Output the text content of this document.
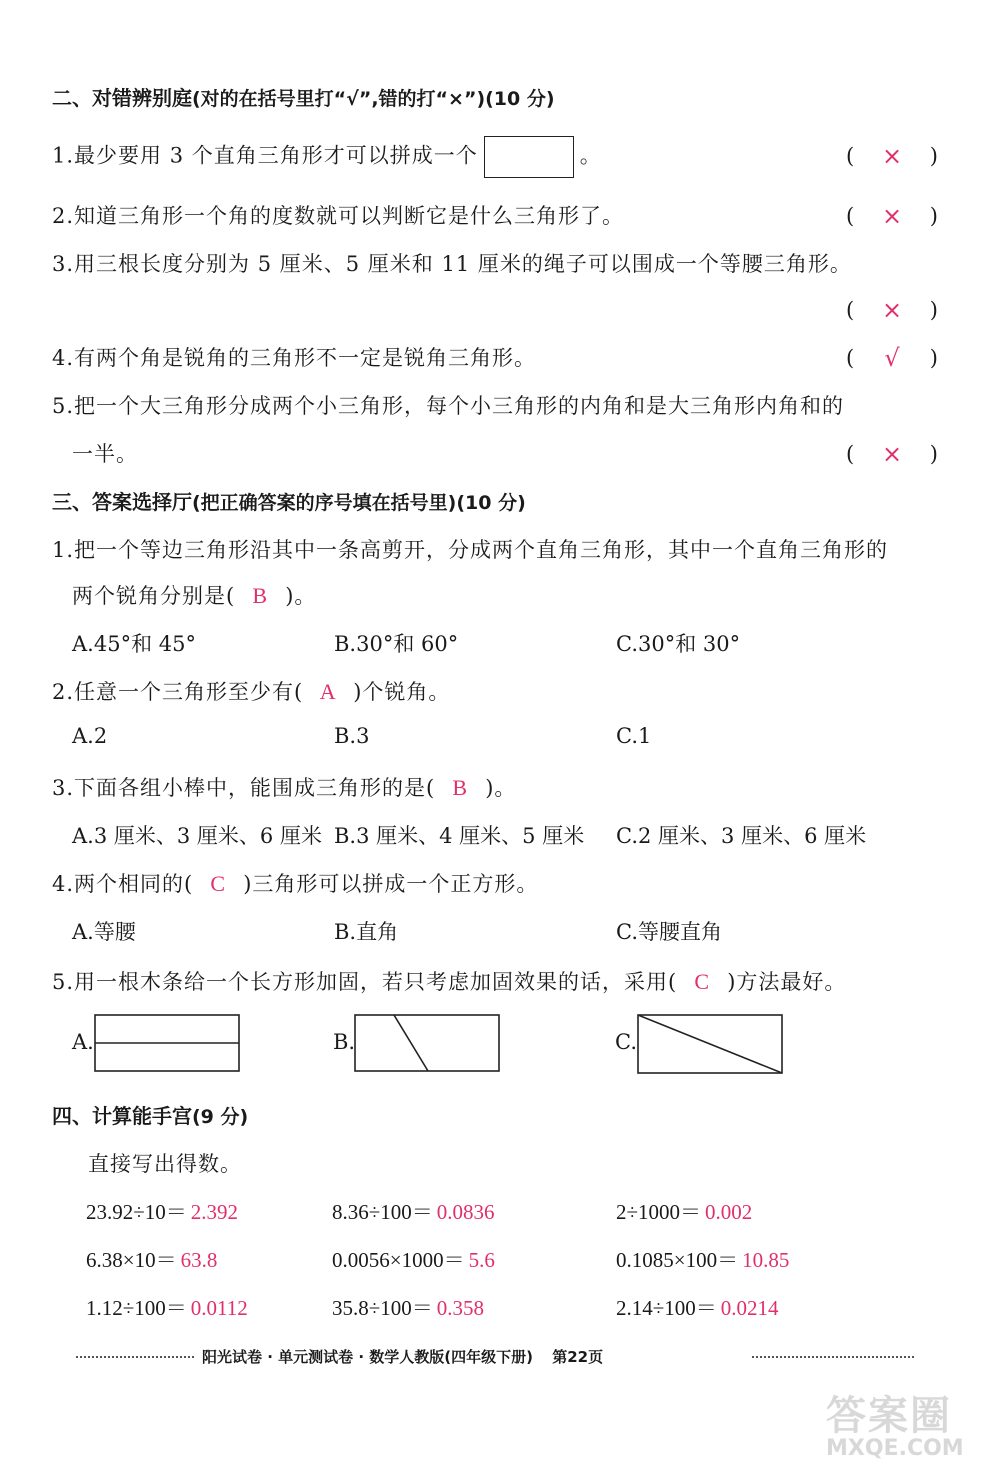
二、对错辨别庭(对的在括号里打“√”,错的打“×”)(10 分)
1.最少要用 3 个直角三角形才可以拼成一个	。	( × )
2.知道三角形一个角的度数就可以判断它是什么三角形了。	( × )
3.用三根长度分别为 5 厘米、5 厘米和 11 厘米的绳子可以围成一个等腰三角形。
( × )
4.有两个角是锐角的三角形不一定是锐角三角形。	( √ )
5.把一个大三角形分成两个小三角形，每个小三角形的内角和是大三角形内角和的
一半。	( × )
三、答案选择厅(把正确答案的序号填在括号里)(10 分)
1.把一个等边三角形沿其中一条高剪开，分成两个直角三角形，其中一个直角三角形的
两个锐角分别是( B )。
A.45°和 45°	B.30°和 60°	C.30°和 30°
2.任意一个三角形至少有( A )个锐角。
A.2	B.3	C.1
3.下面各组小棒中，能围成三角形的是( B )。
A.3 厘米、3 厘米、6 厘米 B.3 厘米、4 厘米、5 厘米 C.2 厘米、3 厘米、6 厘米
4.两个相同的( C )三角形可以拼成一个正方形。
A.等腰	B.直角	C.等腰直角
5.用一根木条给一个长方形加固，若只考虑加固效果的话，采用( C )方法最好。
A.	B.	C.
四、计算能手宫(9 分)
直接写出得数。
23.92÷10＝ 2.392	8.36÷100＝ 0.0836	2÷1000＝ 0.002
6.38×10＝ 63.8	0.0056×1000＝ 5.6	0.1085×100＝ 10.85
1.12÷100＝ 0.0112	35.8÷100＝ 0.358	2.14÷100＝ 0.0214
阳光试卷 · 单元测试卷 · 数学人教版(四年级下册) 第22页
答案圈
MXQE.COM
